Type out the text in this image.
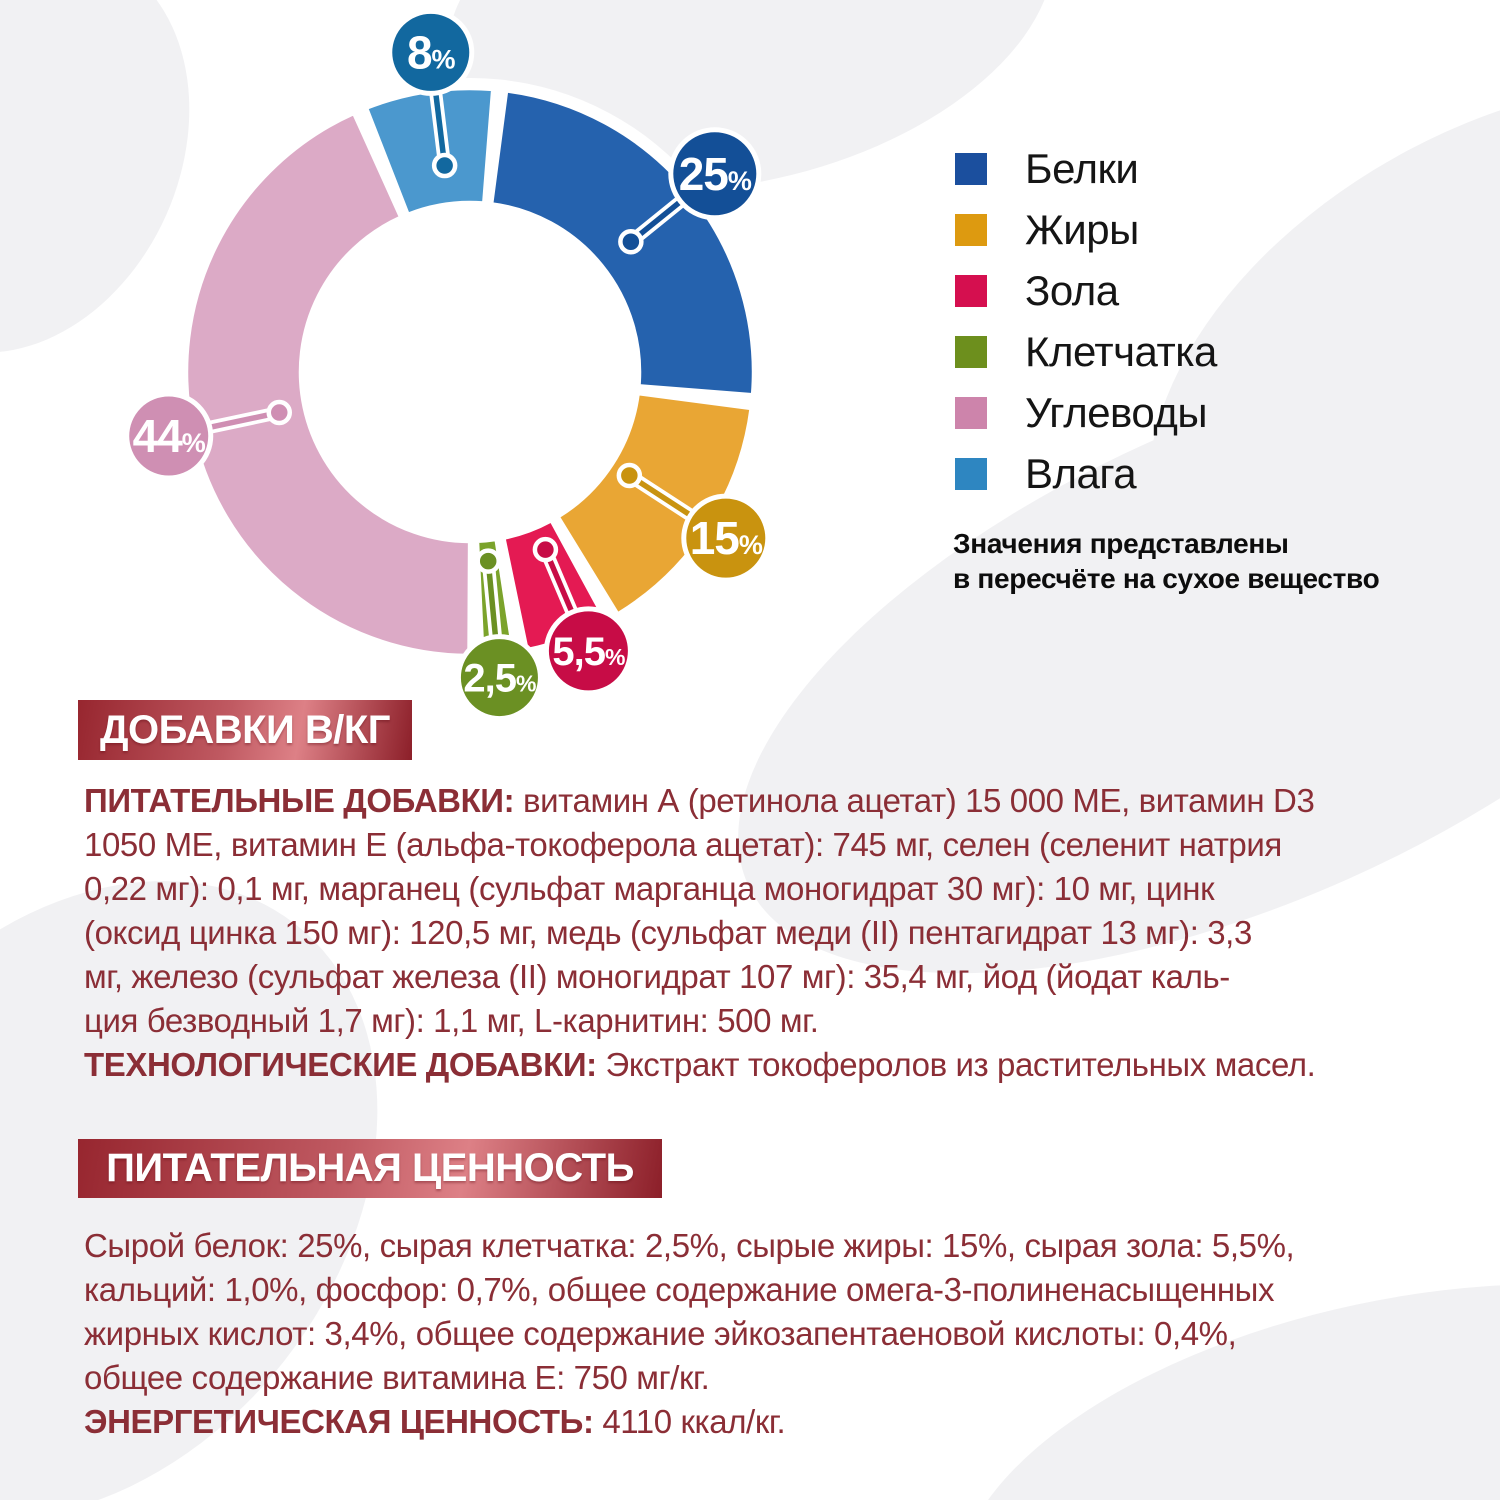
25%
15%
5,5%
2,5%
44%
8%
Белки
Жиры
Зола
Клетчатка
Углеводы
Влага
Значения представлены
в пересчёте на сухое вещество
ДОБАВКИ В/КГ
ПИТАТЕЛЬНЫЕ ДОБАВКИ: витамин А (ретинола ацетат) 15 000 МЕ, витамин D3
1050 МЕ, витамин Е (альфа-токоферола ацетат): 745 мг, селен (селенит натрия
0,22 мг): 0,1 мг, марганец (сульфат марганца моногидрат 30 мг): 10 мг, цинк
(оксид цинка 150 мг): 120,5 мг, медь (сульфат меди (II) пентагидрат 13 мг): 3,3
мг, железо (сульфат железа (II) моногидрат 107 мг): 35,4 мг, йод (йодат каль-
ция безводный 1,7 мг): 1,1 мг, L-карнитин: 500 мг.
ТЕХНОЛОГИЧЕСКИЕ ДОБАВКИ: Экстракт токоферолов из растительных масел.
ПИТАТЕЛЬНАЯ ЦЕННОСТЬ
Сырой белок: 25%, сырая клетчатка: 2,5%, сырые жиры: 15%, сырая зола: 5,5%,
кальций: 1,0%, фосфор: 0,7%, общее содержание омега-3-полиненасыщенных
жирных кислот: 3,4%, общее содержание эйкозапентаеновой кислоты: 0,4%,
общее содержание витамина Е: 750 мг/кг.
ЭНЕРГЕТИЧЕСКАЯ ЦЕННОСТЬ: 4110 ккал/кг.
